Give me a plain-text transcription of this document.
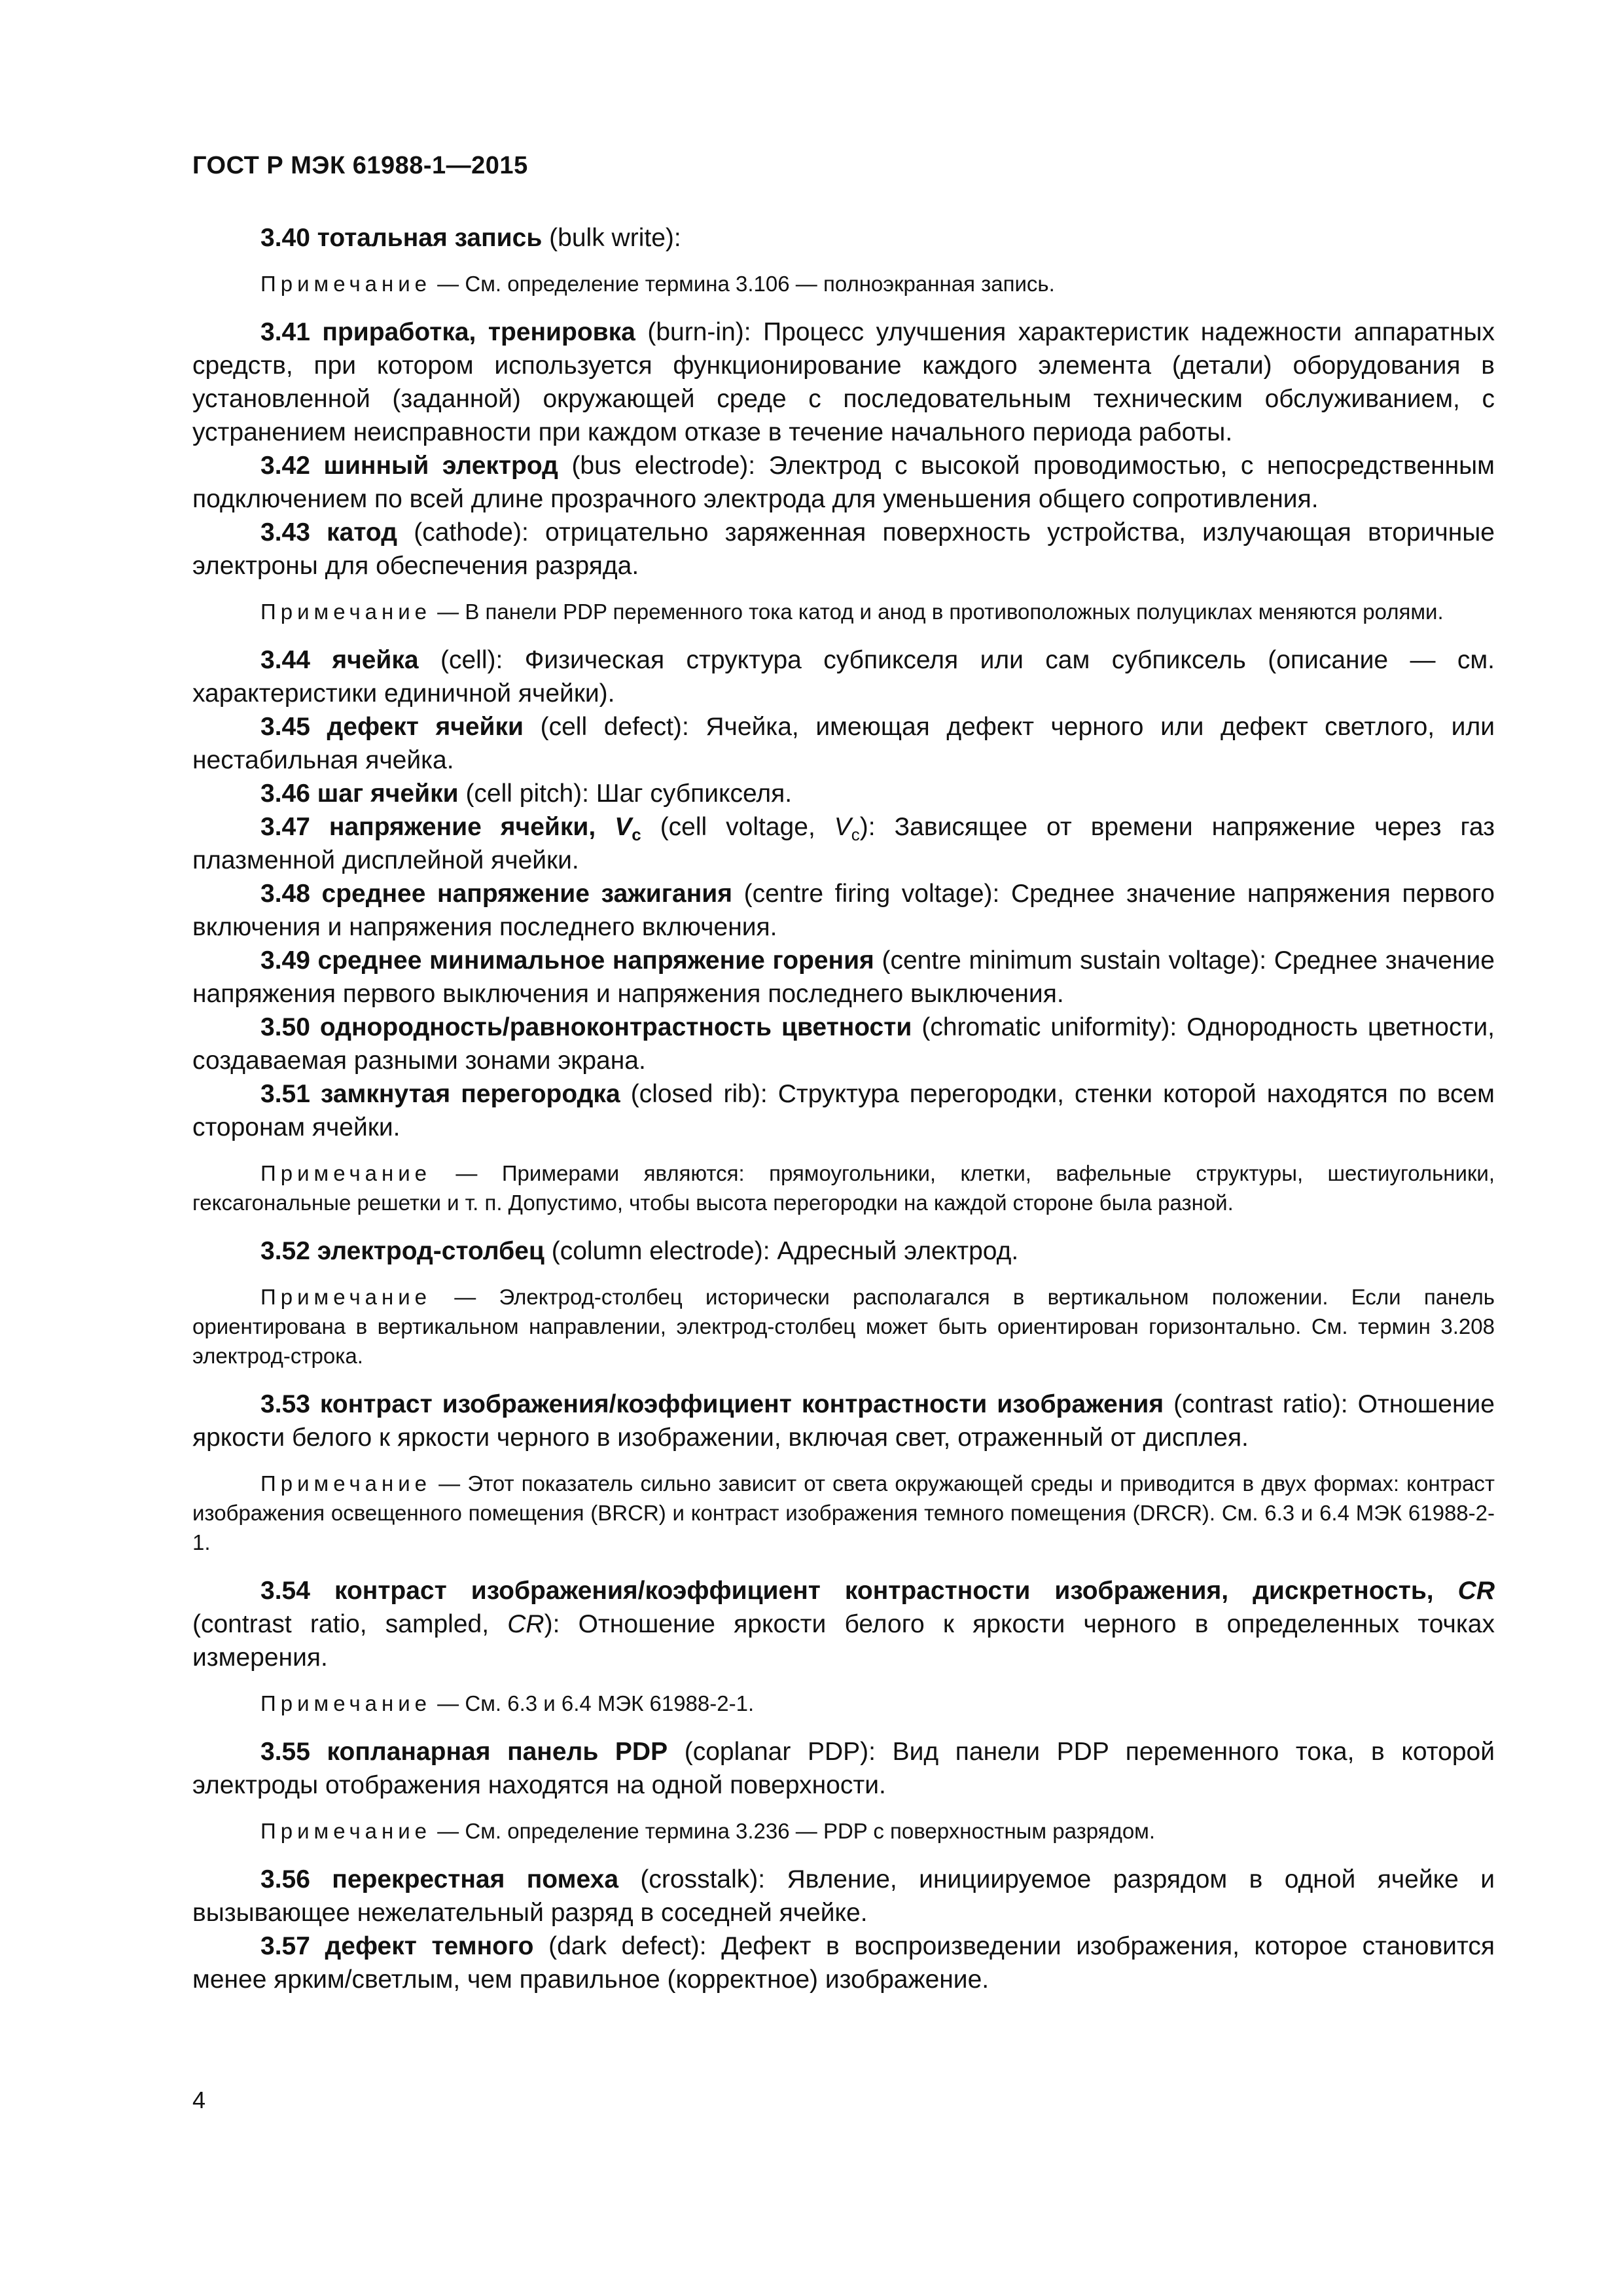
ГОСТ Р МЭК 61988-1—2015

3.40 тотальная запись (bulk write):

Примечание — См. определение термина 3.106 — полноэкранная запись.

3.41 приработка, тренировка (burn-in): Процесс улучшения характеристик надежности аппаратных средств, при котором используется функционирование каждого элемента (детали) оборудования в установленной (заданной) окружающей среде с последовательным техническим обслуживанием, с устранением неисправности при каждом отказе в течение начального периода работы.

3.42 шинный электрод (bus electrode): Электрод с высокой проводимостью, с непосредственным подключением по всей длине прозрачного электрода для уменьшения общего сопротивления.

3.43 катод (cathode): отрицательно заряженная поверхность устройства, излучающая вторичные электроны для обеспечения разряда.

Примечание — В панели PDP переменного тока катод и анод в противоположных полуциклах меняются ролями.

3.44 ячейка (cell): Физическая структура субпикселя или сам субпиксель (описание — см. характеристики единичной ячейки).

3.45 дефект ячейки (cell defect): Ячейка, имеющая дефект черного или дефект светлого, или нестабильная ячейка.

3.46 шаг ячейки (cell pitch): Шаг субпикселя.

3.47 напряжение ячейки, $V_c$ (cell voltage, $V_c$): Зависящее от времени напряжение через газ плазменной дисплейной ячейки.

3.48 среднее напряжение зажигания (centre firing voltage): Среднее значение напряжения первого включения и напряжения последнего включения.

3.49 среднее минимальное напряжение горения (centre minimum sustain voltage): Среднее значение напряжения первого выключения и напряжения последнего выключения.

3.50 однородность/равноконтрастность цветности (chromatic uniformity): Однородность цветности, создаваемая разными зонами экрана.

3.51 замкнутая перегородка (closed rib): Структура перегородки, стенки которой находятся по всем сторонам ячейки.

Примечание — Примерами являются: прямоугольники, клетки, вафельные структуры, шестиугольники, гексагональные решетки и т. п. Допустимо, чтобы высота перегородки на каждой стороне была разной.

3.52 электрод-столбец (column electrode): Адресный электрод.

Примечание — Электрод-столбец исторически располагался в вертикальном положении. Если панель ориентирована в вертикальном направлении, электрод-столбец может быть ориентирован горизонтально. См. термин 3.208 электрод-строка.

3.53 контраст изображения/коэффициент контрастности изображения (contrast ratio): Отношение яркости белого к яркости черного в изображении, включая свет, отраженный от дисплея.

Примечание — Этот показатель сильно зависит от света окружающей среды и приводится в двух формах: контраст изображения освещенного помещения (BRCR) и контраст изображения темного помещения (DRCR). См. 6.3 и 6.4 МЭК 61988-2-1.

3.54 контраст изображения/коэффициент контрастности изображения, дискретность, CR (contrast ratio, sampled, CR): Отношение яркости белого к яркости черного в определенных точках измерения.

Примечание — См. 6.3 и 6.4 МЭК 61988-2-1.

3.55 копланарная панель PDP (coplanar PDP): Вид панели PDP переменного тока, в которой электроды отображения находятся на одной поверхности.

Примечание — См. определение термина 3.236 — PDP с поверхностным разрядом.

3.56 перекрестная помеха (crosstalk): Явление, инициируемое разрядом в одной ячейке и вызывающее нежелательный разряд в соседней ячейке.

3.57 дефект темного (dark defect): Дефект в воспроизведении изображения, которое становится менее ярким/светлым, чем правильное (корректное) изображение.

4
